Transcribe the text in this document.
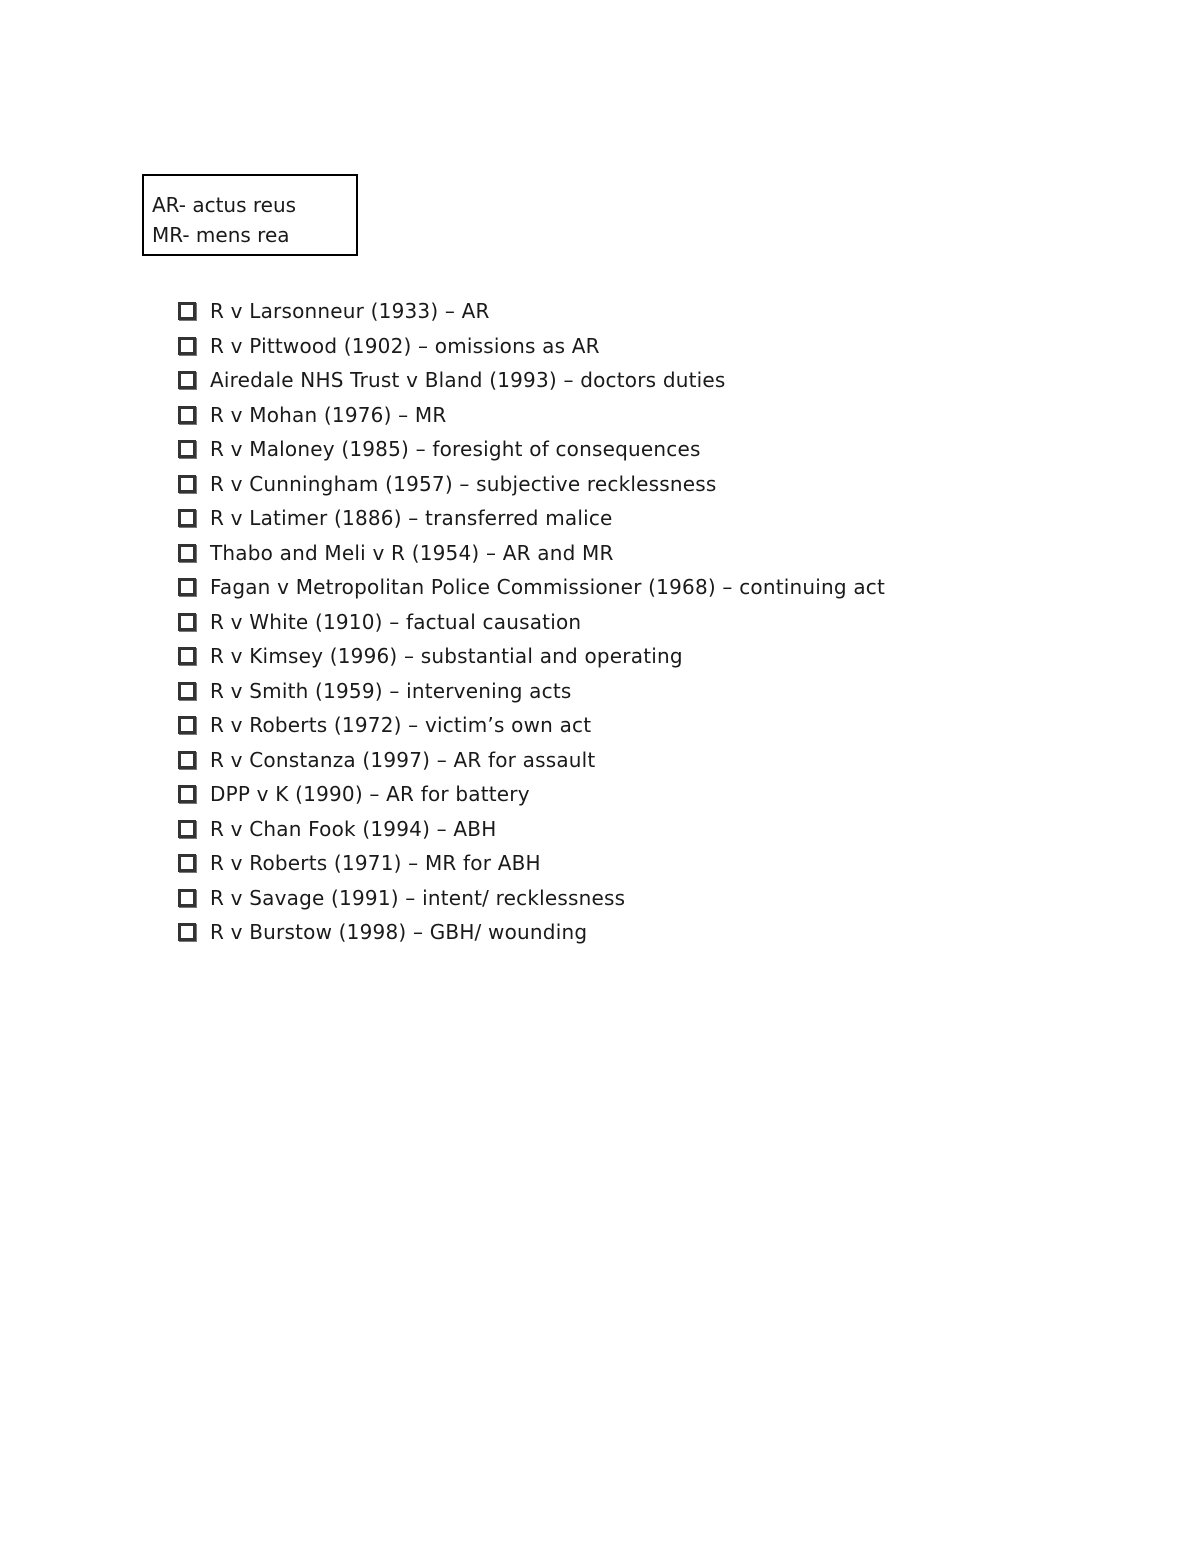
AR- actus reus
MR- mens rea
R v Larsonneur (1933) – AR
R v Pittwood (1902) – omissions as AR
Airedale NHS Trust v Bland (1993) – doctors duties
R v Mohan (1976) – MR
R v Maloney (1985) – foresight of consequences
R v Cunningham (1957) – subjective recklessness
R v Latimer (1886) – transferred malice
Thabo and Meli v R (1954) – AR and MR
Fagan v Metropolitan Police Commissioner (1968) – continuing act
R v White (1910) – factual causation
R v Kimsey (1996) – substantial and operating
R v Smith (1959) – intervening acts
R v Roberts (1972) – victim’s own act
R v Constanza (1997) – AR for assault
DPP v K (1990) – AR for battery
R v Chan Fook (1994) – ABH
R v Roberts (1971) – MR for ABH
R v Savage (1991) – intent/ recklessness
R v Burstow (1998) – GBH/ wounding
